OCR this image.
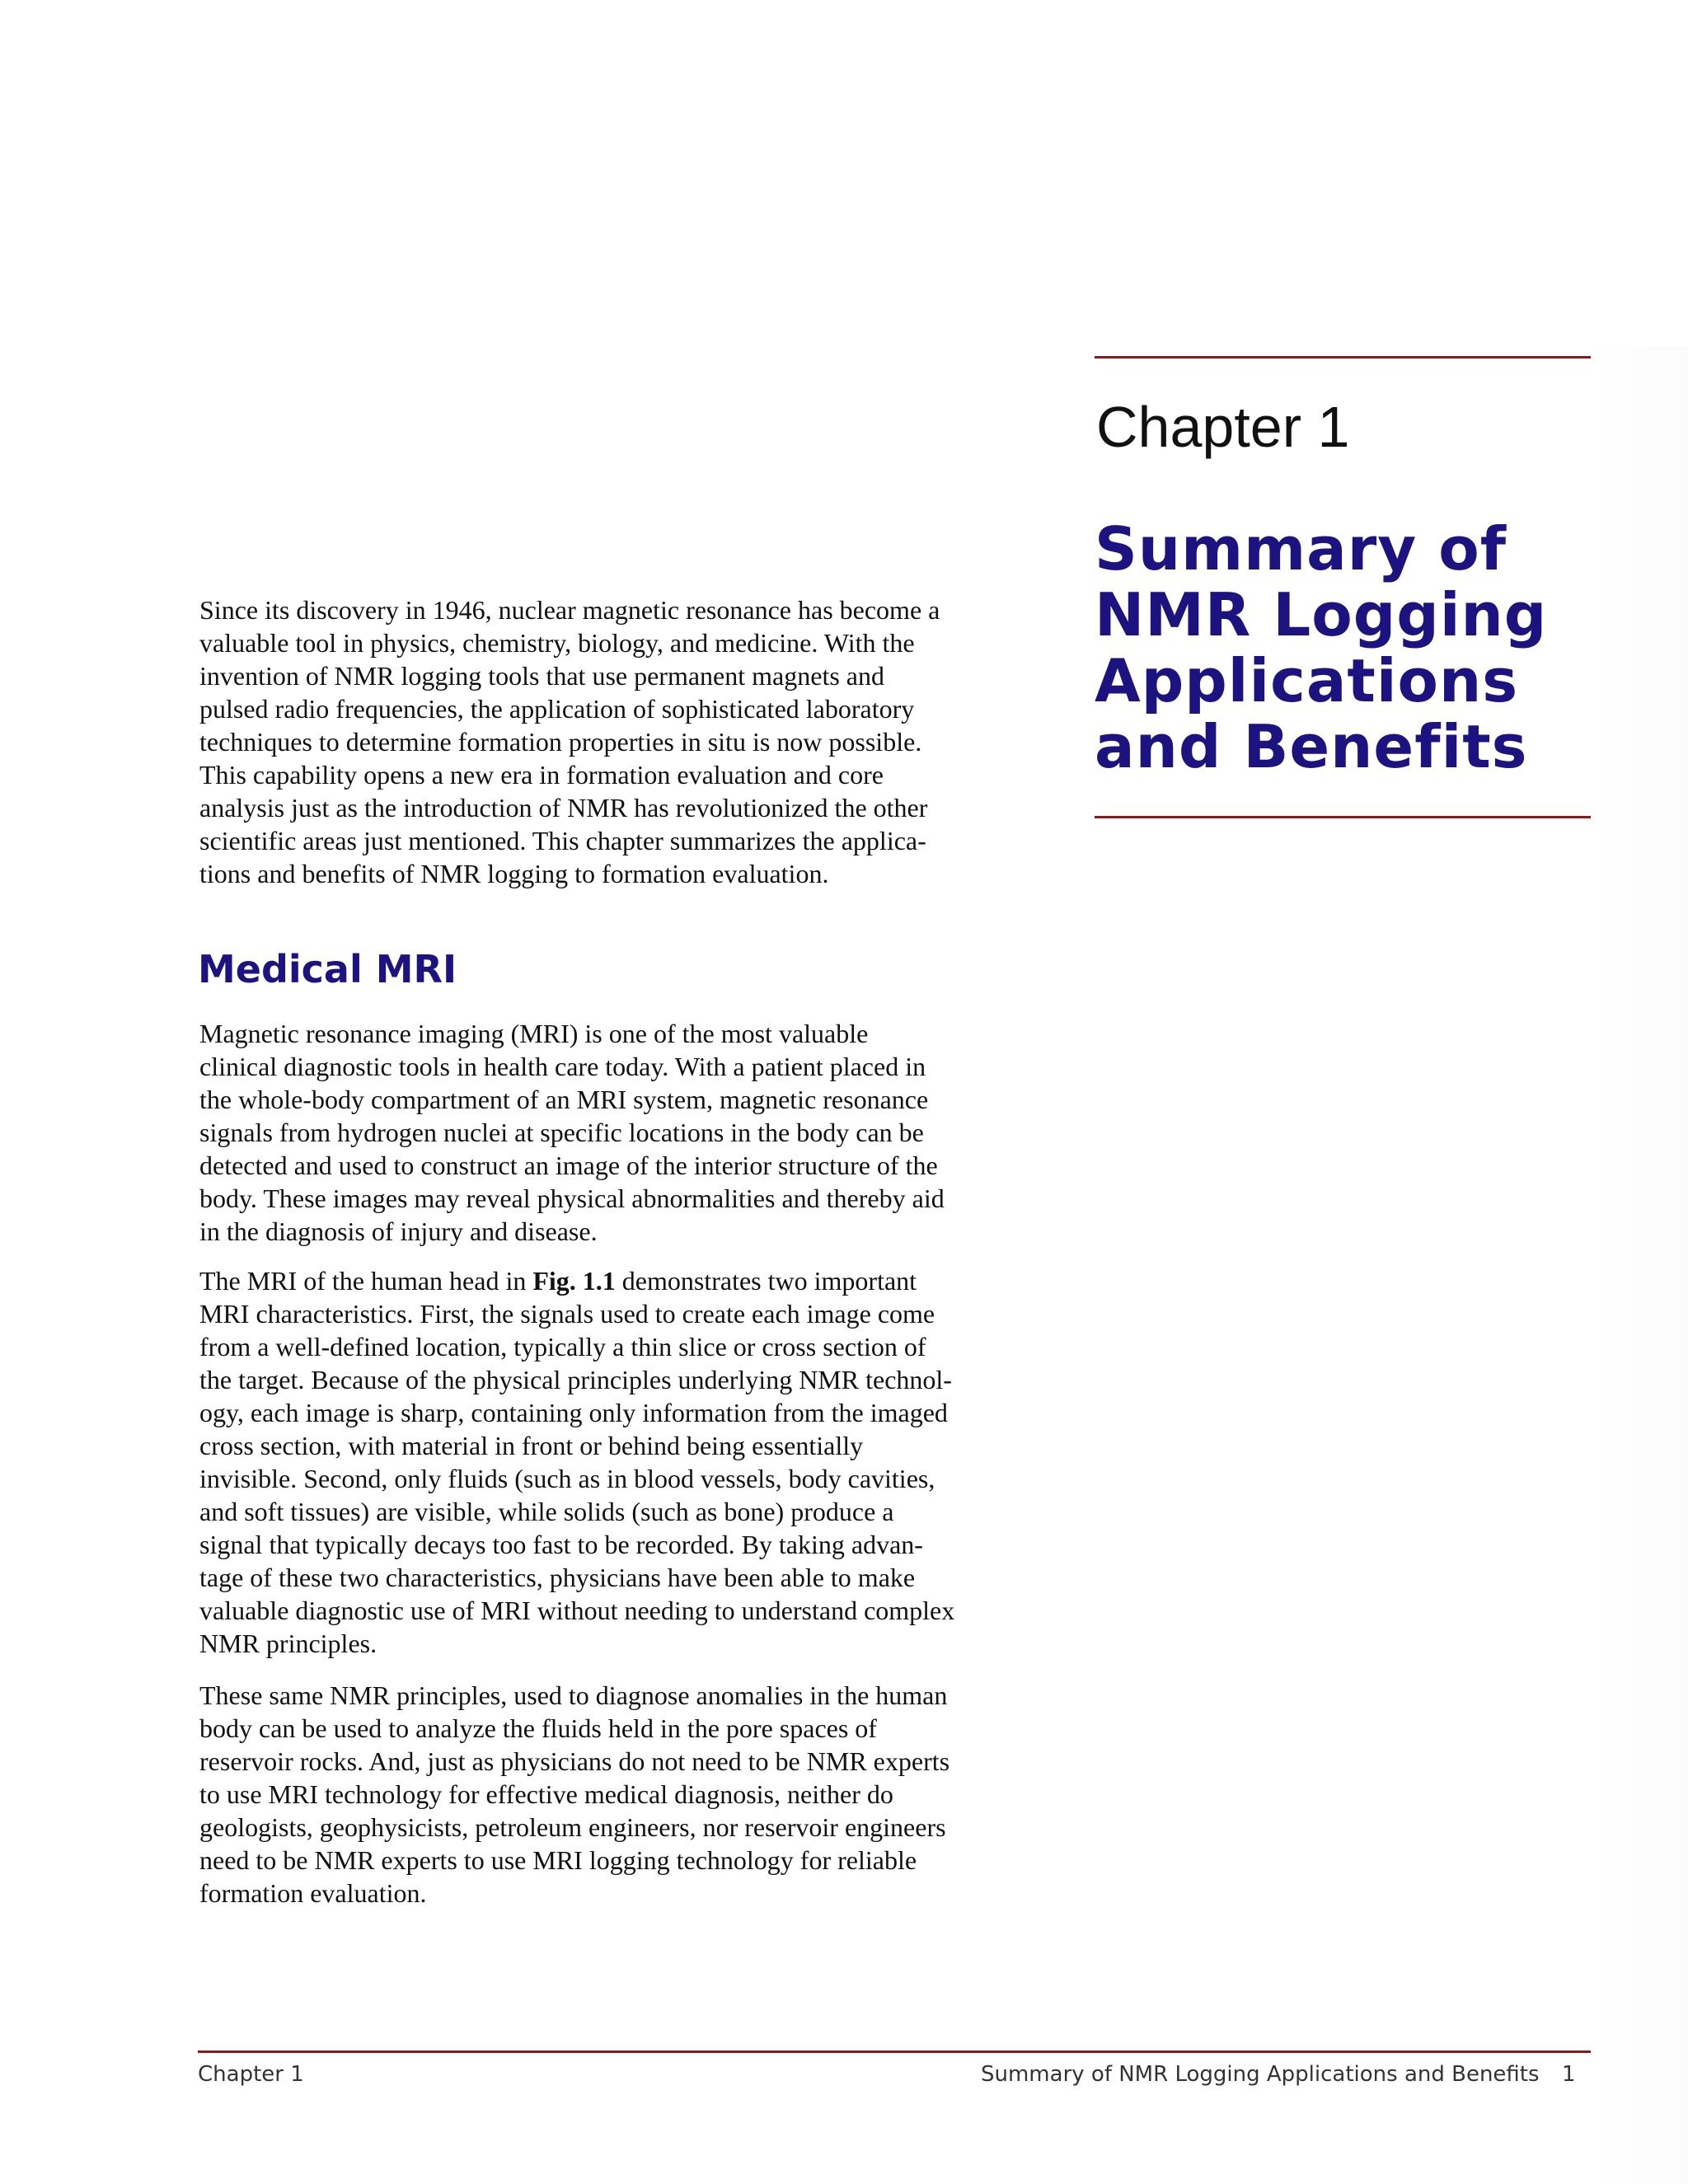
Chapter 1
Summary of
NMR Logging
Applications
and Benefits
Since its discovery in 1946, nuclear magnetic resonance has become a
valuable tool in physics, chemistry, biology, and medicine. With the
invention of NMR logging tools that use permanent magnets and
pulsed radio frequencies, the application of sophisticated laboratory
techniques to determine formation properties in situ is now possible.
This capability opens a new era in formation evaluation and core
analysis just as the introduction of NMR has revolutionized the other
scientific areas just mentioned. This chapter summarizes the applica-
tions and benefits of NMR logging to formation evaluation.
Medical MRI
Magnetic resonance imaging (MRI) is one of the most valuable
clinical diagnostic tools in health care today. With a patient placed in
the whole-body compartment of an MRI system, magnetic resonance
signals from hydrogen nuclei at specific locations in the body can be
detected and used to construct an image of the interior structure of the
body. These images may reveal physical abnormalities and thereby aid
in the diagnosis of injury and disease.
The MRI of the human head in Fig. 1.1 demonstrates two important
MRI characteristics. First, the signals used to create each image come
from a well-defined location, typically a thin slice or cross section of
the target. Because of the physical principles underlying NMR technol-
ogy, each image is sharp, containing only information from the imaged
cross section, with material in front or behind being essentially
invisible. Second, only fluids (such as in blood vessels, body cavities,
and soft tissues) are visible, while solids (such as bone) produce a
signal that typically decays too fast to be recorded. By taking advan-
tage of these two characteristics, physicians have been able to make
valuable diagnostic use of MRI without needing to understand complex
NMR principles.
These same NMR principles, used to diagnose anomalies in the human
body can be used to analyze the fluids held in the pore spaces of
reservoir rocks. And, just as physicians do not need to be NMR experts
to use MRI technology for effective medical diagnosis, neither do
geologists, geophysicists, petroleum engineers, nor reservoir engineers
need to be NMR experts to use MRI logging technology for reliable
formation evaluation.
Chapter 1	Summary of NMR Logging Applications and Benefits 1
